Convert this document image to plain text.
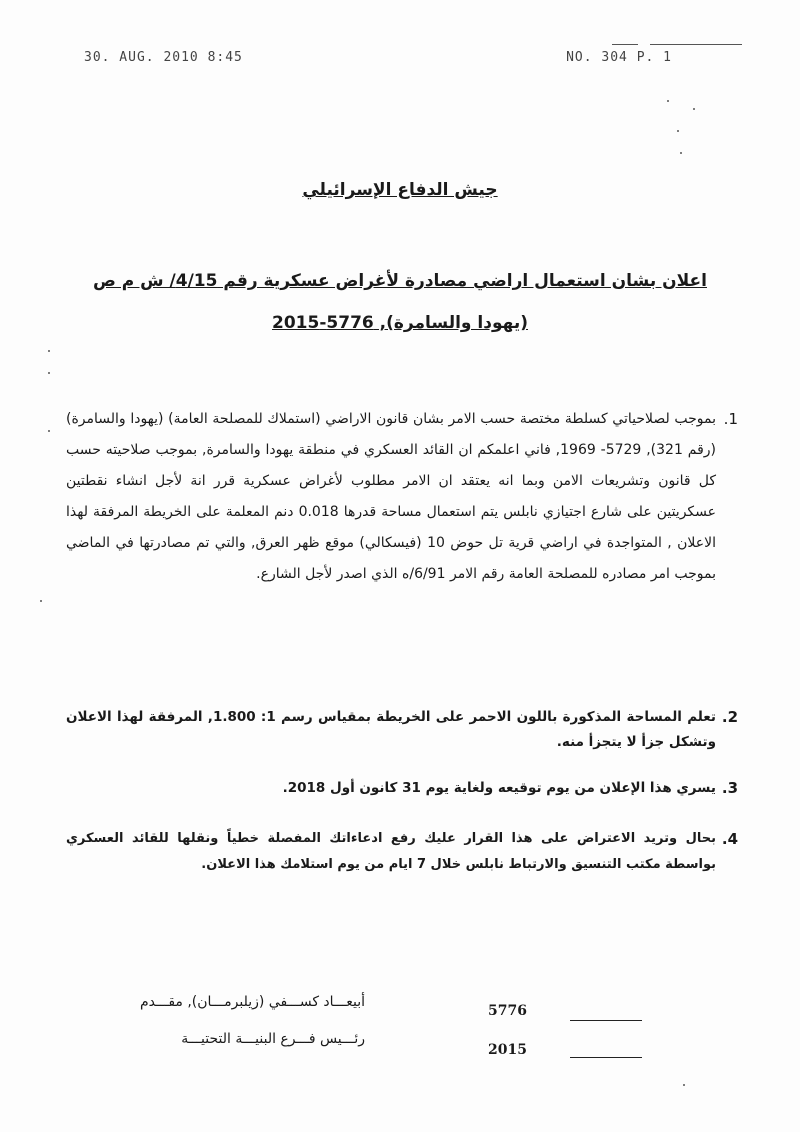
30. AUG. 2010 8:45	NO. 304 P. 1
جيش الدفاع الإسرائيلي
اعلان بشان استعمال اراضي مصادرة لأغراض عسكرية رقم 4/15/ ش م ص
(يهودا والسامرة), 5776-2015
1.

بموجب لصلاحياتي كسلطة مختصة حسب الامر بشان قانون الاراضي (استملاك للمصلحة العامة) (يهودا والسامرة) (رقم 321), 5729- 1969, فاني اعلمكم ان القائد العسكري في منطقة يهودا والسامرة, بموجب صلاحيته حسب كل قانون وتشريعات الامن وبما انه يعتقد ان الامر مطلوب لأغراض عسكرية قرر انة لأجل انشاء نقطتين عسكريتين على شارع اجتيازي نابلس يتم استعمال مساحة قدرها 0.018 دنم المعلمة على الخريطة المرفقة لهذا الاعلان , المتواجدة في اراضي قرية تل حوض 10 (فيسكالي) موقع ظهر العرق, والتي تم مصادرتها في الماضي بموجب امر مصادره للمصلحة العامة رقم الامر 6/91/ه الذي اصدر لأجل الشارع.

2.

تعلم المساحة المذكورة باللون الاحمر على الخريطة بمقياس رسم 1: 1.800, المرفقة لهذا الاعلان وتشكل جزأ لا يتجزأ منه.

3.

يسري هذا الإعلان من يوم توقيعه ولغاية يوم 31 كانون أول 2018.

4.

بحال وتريد الاعتراض على هذا القرار عليك رفع ادعاءاتك المفصلة خطياً ونقلها للقائد العسكري بواسطة مكتب التنسيق والارتباط نابلس خلال 7 ايام من يوم استلامك هذا الاعلان.

أبيعـــاد كســـفي (زيلبرمـــان), مقـــدم
رئـــيس فـــرع البنيـــة التحتيـــة
5776
2015
